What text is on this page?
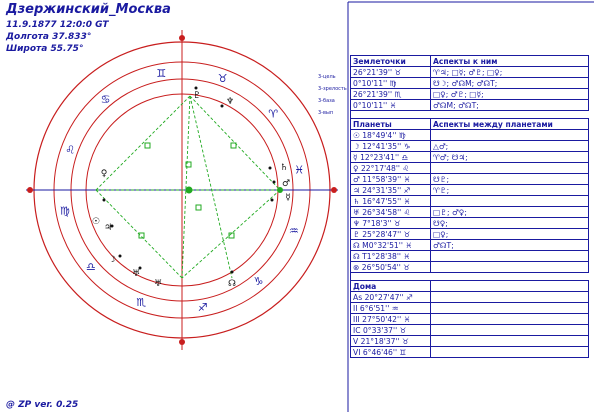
Дзержинский_Москва
11.9.1877 12:0:0 GT
Долгота 37.833°
Широта 55.75°
♊	♉
♈
♓
♒
♑
♐
♏
♎
♍
♌
♋	♆
♇
♄
♂
☿
♀
♃
☽
☉
♅
♅	☊
3-цель
3-зрелость
3-база
3-вып
Землеточки	Аспекты к ним
26°21'39'' ♉	♈♃; □☿; ♂♇; □♀;
0°10'11'' ♍	☋☽; ♂☊M; ♂☊T;
26°21'39'' ♏	□♀; ♂♇; □☿;
0°10'11'' ♓	♂☊M; ♂☊T;
Планеты	Аспекты между планетами
☉ 18°49'4'' ♍	
☽ 12°41'35'' ♑	△♂;
☿ 12°23'41'' ♎	♈♂; ☋♃;
♀ 22°17'48'' ♌	
♂ 11°58'39'' ♓	☋♇;
♃ 24°31'35'' ♐	♈♇;
♄ 16°47'55'' ♓	
♅ 26°34'58'' ♌	□♇; ♂♀;
♆ 7°18'3'' ♉	☋♀;
♇ 25°28'47'' ♉	□♀;
☊ M0°32'51'' ♓	♂☊T;
☊ T1°28'38'' ♓	
⊗ 26°50'54'' ♉	
Дома	
As 20°27'47'' ♐	
II 6°6'51'' ♒	
III 27°50'42'' ♓	
IC 0°33'37'' ♉	
V 21°18'37'' ♉	
VI 6°46'46'' ♊	
@ ZP ver. 0.25
